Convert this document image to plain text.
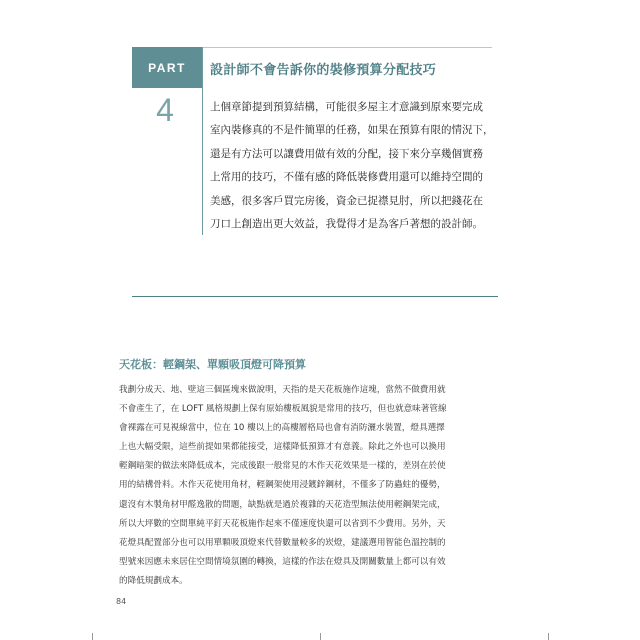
PART 設計師不會告訴你的裝修預算分配技巧
4	上個章節提到預算結構，可能很多屋主才意識到原來要完成

室內裝修真的不是件簡單的任務，如果在預算有限的情況下，

還是有方法可以讓費用做有效的分配，接下來分享幾個實務

上常用的技巧，不僅有感的降低裝修費用還可以維持空間的

美感，很多客戶買完房後，資金已捉襟見肘，所以把錢花在

刀口上創造出更大效益，我覺得才是為客戶著想的設計師。

天花板：輕鋼架、單顆吸頂燈可降預算

我劃分成天、地、壁這三個區塊來做說明，天指的是天花板施作這塊，當然不做費用就

不會產生了，在 LOFT 風格規劃上保有原始樓板風貌是常用的技巧，但也就意味著管線

會裸露在可見視線當中，位在 10 樓以上的高樓層格局也會有消防灑水裝置，燈具選擇

上也大幅受限，這些前提如果都能接受，這樣降低預算才有意義。除此之外也可以換用

輕鋼暗架的做法來降低成本，完成後跟一般常見的木作天花效果是一樣的，差別在於使

用的結構骨料。木作天花使用角材，輕鋼架使用浸鍍鋅鋼材，不僅多了防蟲蛀的優勢，

還沒有木製角材甲醛逸散的問題，缺點就是過於複雜的天花造型無法使用輕鋼架完成，

所以大坪數的空間單純平釘天花板施作起來不僅速度快還可以省到不少費用。另外，天

花燈具配置部分也可以用單顆吸頂燈來代替數量較多的崁燈，建議選用智能色溫控制的

型號來因應未來居住空間情境氛圍的轉換，這樣的作法在燈具及開關數量上都可以有效

的降低規劃成本。

84
